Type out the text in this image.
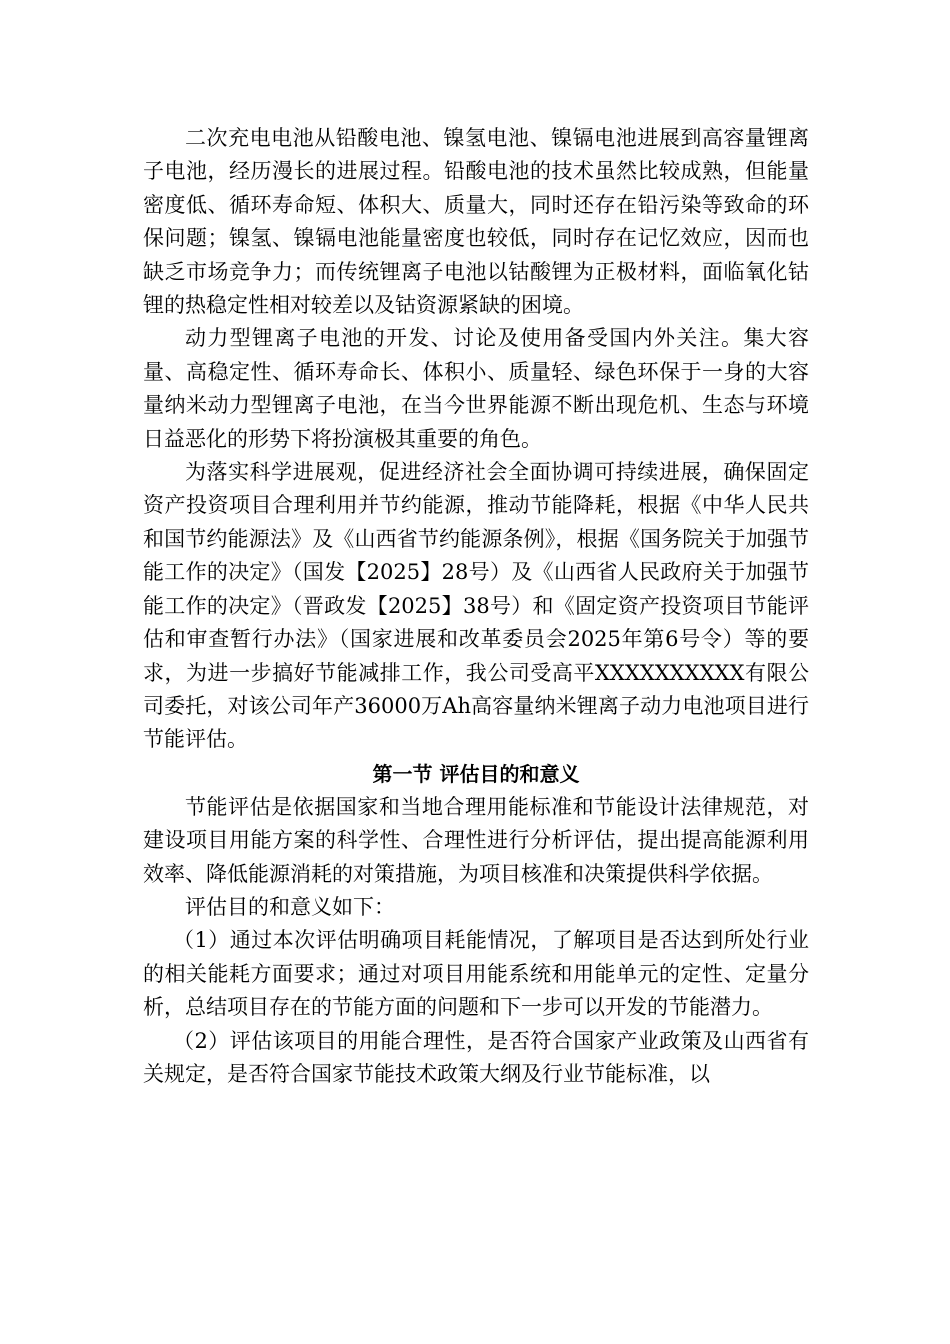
二次充电电池从铅酸电池、镍氢电池、镍镉电池进展到高容量锂离子电池，经历漫长的进展过程。铅酸电池的技术虽然比较成熟，但能量密度低、循环寿命短、体积大、质量大，同时还存在铅污染等致命的环保问题；镍氢、镍镉电池能量密度也较低，同时存在记忆效应，因而也缺乏市场竞争力；而传统锂离子电池以钴酸锂为正极材料，面临氧化钴锂的热稳定性相对较差以及钴资源紧缺的困境。

动力型锂离子电池的开发、讨论及使用备受国内外关注。集大容 量、高稳定性、循环寿命长、体积小、质量轻、绿色环保于一身的大容量纳米动力型锂离子电池，在当今世界能源不断出现危机、生态与环境日益恶化的形势下将扮演极其重要的角色。

为落实科学进展观，促进经济社会全面协调可持续进展，确保固定资产投资项目合理利用并节约能源，推动节能降耗，根据《中华人民共和国节约能源法》及《山西省节约能源条例》，根据《国务院关于加强节能工作的决定》（国发【2025】28号）及《山西省人民政府关于加强节能工作的决定》（晋政发【2025】38号）和《固定资产投资项目节能评估和审查暂行办法》（国家进展和改革委员会2025年第6号令）等的要求，为进一步搞好节能减排工作，我公司受高平XXXXXXXXXX有限公司委托，对该公司年产36000万Ah高容量纳米锂离子动力电池项目进行节能评估。

第一节 评估目的和意义

节能评估是依据国家和当地合理用能标准和节能设计法律规范，对建设项目用能方案的科学性、合理性进行分析评估，提出提高能源利用效率、降低能源消耗的对策措施，为项目核准和决策提供科学依据。

评估目的和意义如下：

（1）通过本次评估明确项目耗能情况，了解项目是否达到所处行业的相关能耗方面要求；通过对项目用能系统和用能单元的定性、定量分析，总结项目存在的节能方面的问题和下一步可以开发的节能潜力。

（2）评估该项目的用能合理性，是否符合国家产业政策及山西省有关规定，是否符合国家节能技术政策大纲及行业节能标准，以
